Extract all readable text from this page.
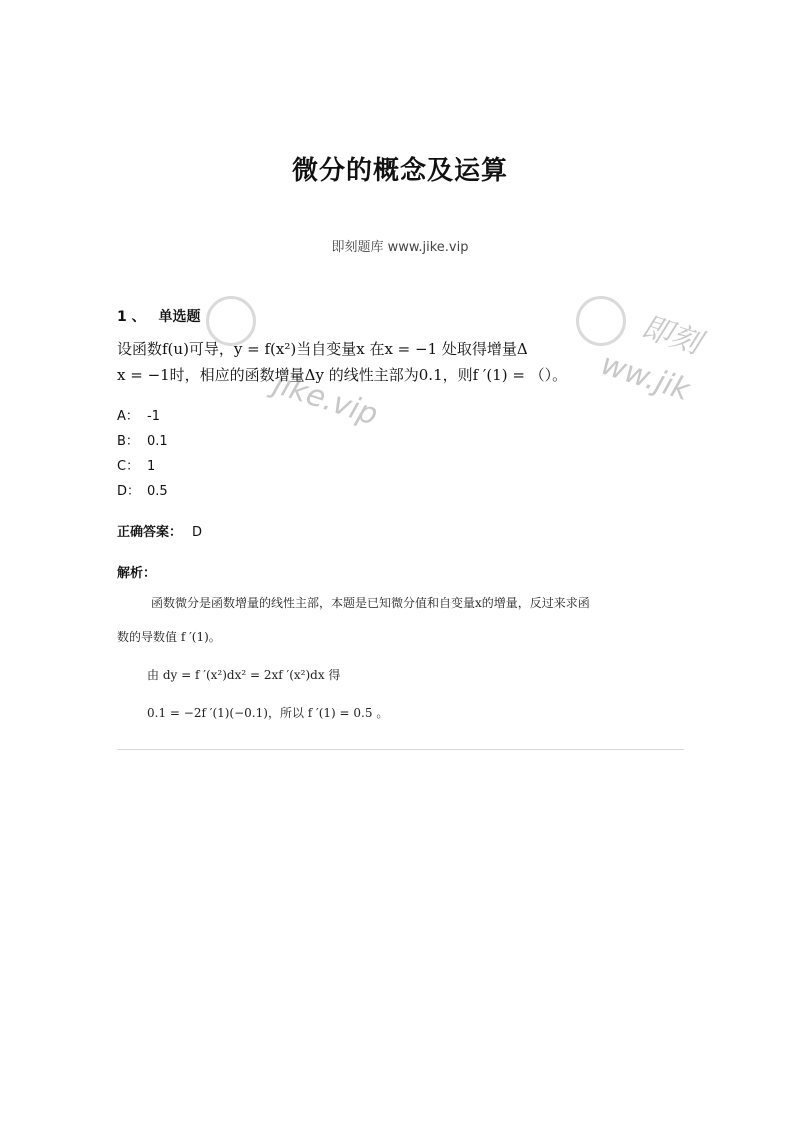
微分的概念及运算
即刻题库 www.jike.vip
jike.vip
即刻
ww.jik
1 、 单选题
设函数f(u)可导，y = f(x²)当自变量x 在x = −1 处取得增量Δ
x = −1时，相应的函数增量Δy 的线性主部为0.1，则f ′(1) = （）。
A： -1
B： 0.1
C： 1
D： 0.5
正确答案： D
解析：
函数微分是函数增量的线性主部，本题是已知微分值和自变量x的增量，反过来求函
数的导数值 f ′(1)。
由 dy = f ′(x²)dx² = 2xf ′(x²)dx 得
0.1 = −2f ′(1)(−0.1)，所以 f ′(1) = 0.5 。
